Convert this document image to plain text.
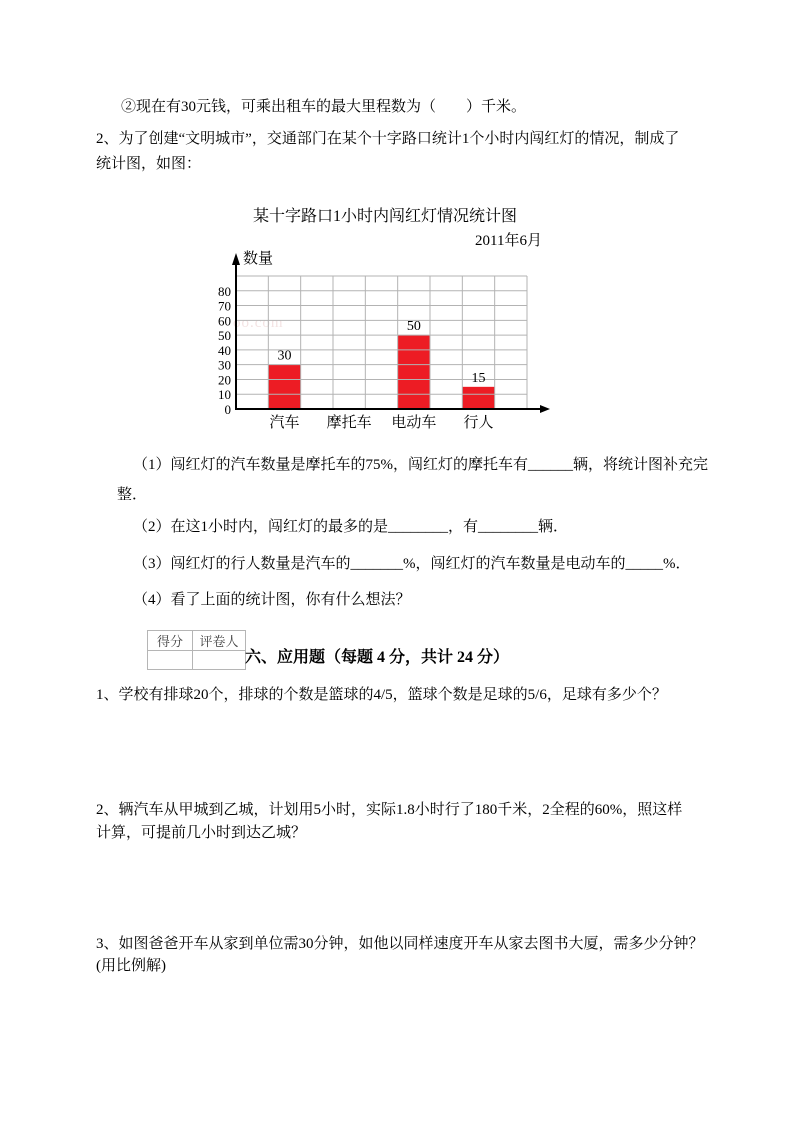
②现在有30元钱，可乘出租车的最大里程数为（　　）千米。
2、为了创建“文明城市”，交通部门在某个十字路口统计1个小时内闯红灯的情况，制成了
统计图，如图：
某十字路口1小时内闯红灯情况统计图
2011年6月
数量
oo.com
0
10
20
30
40
50
60
70
80
30
50
15
汽车 摩托车 电动车 行人
（1）闯红灯的汽车数量是摩托车的75%，闯红灯的摩托车有______辆，将统计图补充完
整．
（2）在这1小时内，闯红灯的最多的是________，有________辆．
（3）闯红灯的行人数量是汽车的_______%，闯红灯的汽车数量是电动车的_____%．
（4）看了上面的统计图，你有什么想法？
得分	评卷人

六、应用题（每题 4 分，共计 24 分）
1、学校有排球20个，排球的个数是篮球的4/5，篮球个数是足球的5/6，足球有多少个？
2、辆汽车从甲城到乙城，计划用5小时，实际1.8小时行了180千米，2全程的60%，照这样
计算，可提前几小时到达乙城？
3、如图爸爸开车从家到单位需30分钟，如他以同样速度开车从家去图书大厦，需多少分钟？
(用比例解)
